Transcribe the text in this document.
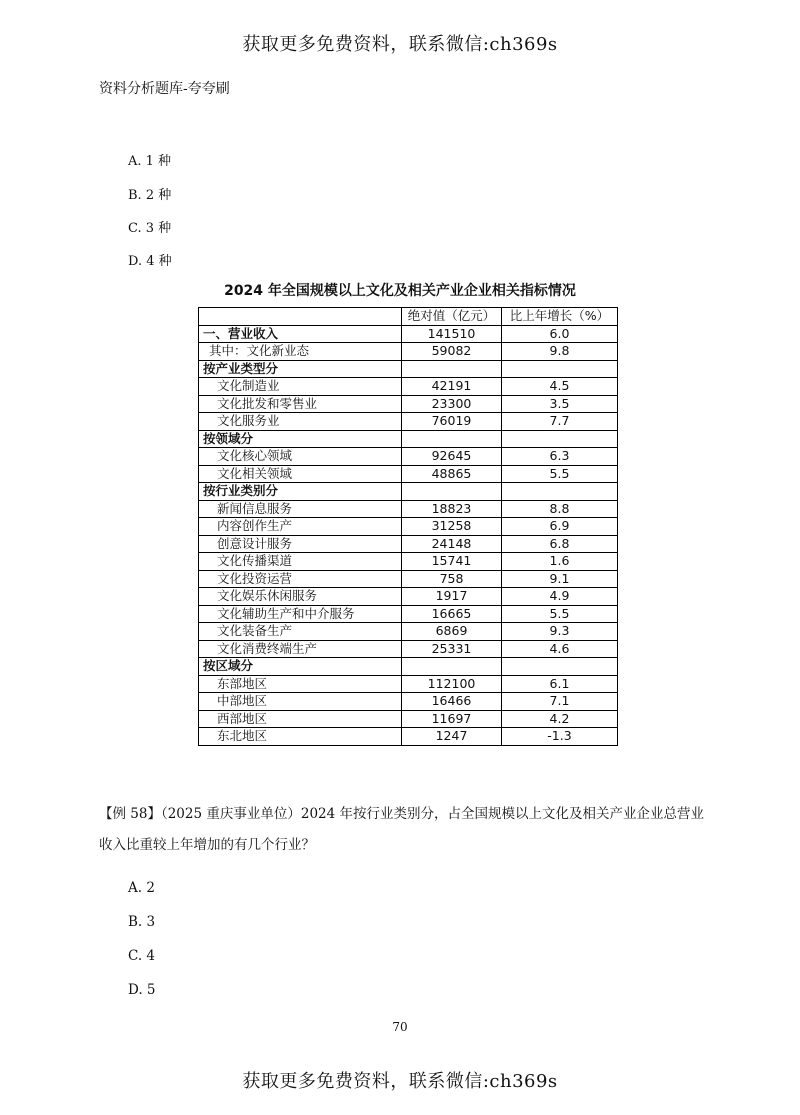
获取更多免费资料，联系微信:ch369s
资料分析题库-夸夸刷
A. 1 种
B. 2 种
C. 3 种
D. 4 种
2024 年全国规模以上文化及相关产业企业相关指标情况
	绝对值（亿元）	比上年增长（%）
一、营业收入	141510	6.0
其中：文化新业态	59082	9.8
按产业类型分		
文化制造业	42191	4.5
文化批发和零售业	23300	3.5
文化服务业	76019	7.7
按领域分		
文化核心领域	92645	6.3
文化相关领域	48865	5.5
按行业类别分		
新闻信息服务	18823	8.8
内容创作生产	31258	6.9
创意设计服务	24148	6.8
文化传播渠道	15741	1.6
文化投资运营	758	9.1
文化娱乐休闲服务	1917	4.9
文化辅助生产和中介服务	16665	5.5
文化装备生产	6869	9.3
文化消费终端生产	25331	4.6
按区域分		
东部地区	112100	6.1
中部地区	16466	7.1
西部地区	11697	4.2
东北地区	1247	-1.3
【例 58】（2025 重庆事业单位）2024 年按行业类别分，占全国规模以上文化及相关产业企业总营业收入比重较上年增加的有几个行业？
A. 2
B. 3
C. 4
D. 5
70
获取更多免费资料，联系微信:ch369s
